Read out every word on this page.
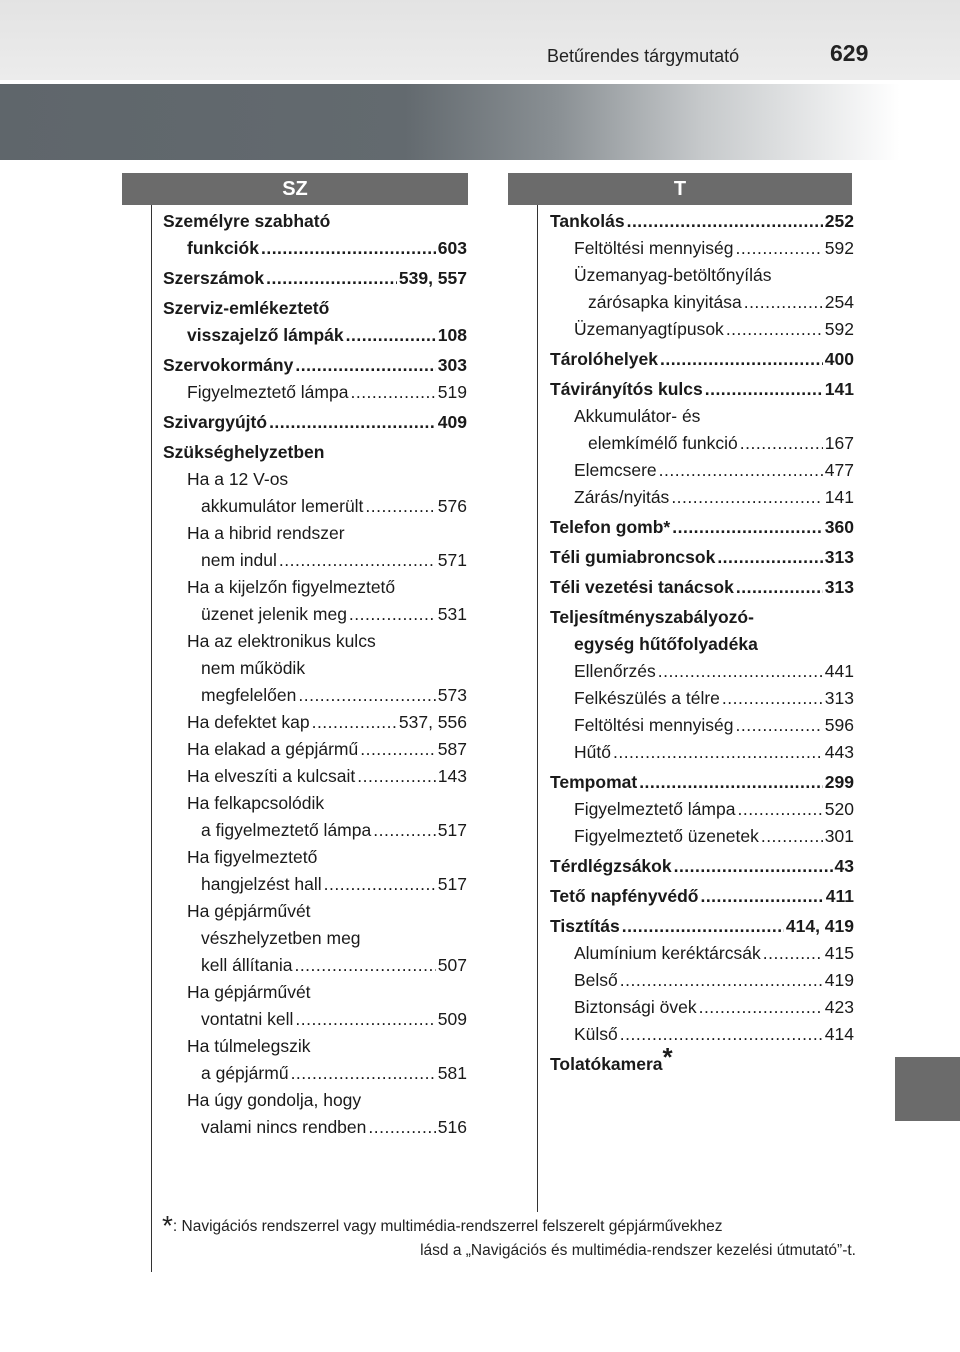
Betűrendes tárgymutató	629
SZ	T
Személyre szabható
funkciók .....	603
Szerszámok .....	539, 557
Szerviz-emlékeztető
visszajelző lámpák .....	108
Szervokormány .....	303
Figyelmeztető lámpa .....	519
Szivargyújtó .....	409
Szükséghelyzetben
Ha a 12 V-os
akkumulátor lemerült .....	576
Ha a hibrid rendszer
nem indul .....	571
Ha a kijelzőn figyelmeztető
üzenet jelenik meg .....	531
Ha az elektronikus kulcs
nem működik
megfelelően .....	573
Ha defektet kap .....	537, 556
Ha elakad a gépjármű .....	587
Ha elveszíti a kulcsait .....	143
Ha felkapcsolódik
a figyelmeztető lámpa .....	517
Ha figyelmeztető
hangjelzést hall .....	517
Ha gépjárművét
vészhelyzetben meg
kell állítania .....	507
Ha gépjárművét
vontatni kell .....	509
Ha túlmelegszik
a gépjármű .....	581
Ha úgy gondolja, hogy
valami nincs rendben .....	516
Tankolás .....	252
Feltöltési mennyiség .....	592
Üzemanyag-betöltőnyílás
zárósapka kinyitása .....	254
Üzemanyagtípusok .....	592
Tárolóhelyek .....	400
Távirányítós kulcs .....	141
Akkumulátor- és
elemkímélő funkció .....	167
Elemcsere .....	477
Zárás/nyitás .....	141
Telefon gomb* .....	360
Téli gumiabroncsok .....	313
Téli vezetési tanácsok .....	313
Teljesítményszabályozó-
egység hűtőfolyadéka
Ellenőrzés .....	441
Felkészülés a télre .....	313
Feltöltési mennyiség .....	596
Hűtő .....	443
Tempomat .....	299
Figyelmeztető lámpa .....	520
Figyelmeztető üzenetek .....	301
Térdlégzsákok .....	43
Tető napfényvédő .....	411
Tisztítás .....	414, 419
Alumínium keréktárcsák .....	415
Belső .....	419
Biztonsági övek .....	423
Külső .....	414
Tolatókamera*
*: Navigációs rendszerrel vagy multimédia-rendszerrel felszerelt gépjárművekhez
lásd a „Navigációs és multimédia-rendszer kezelési útmutató”-t.
